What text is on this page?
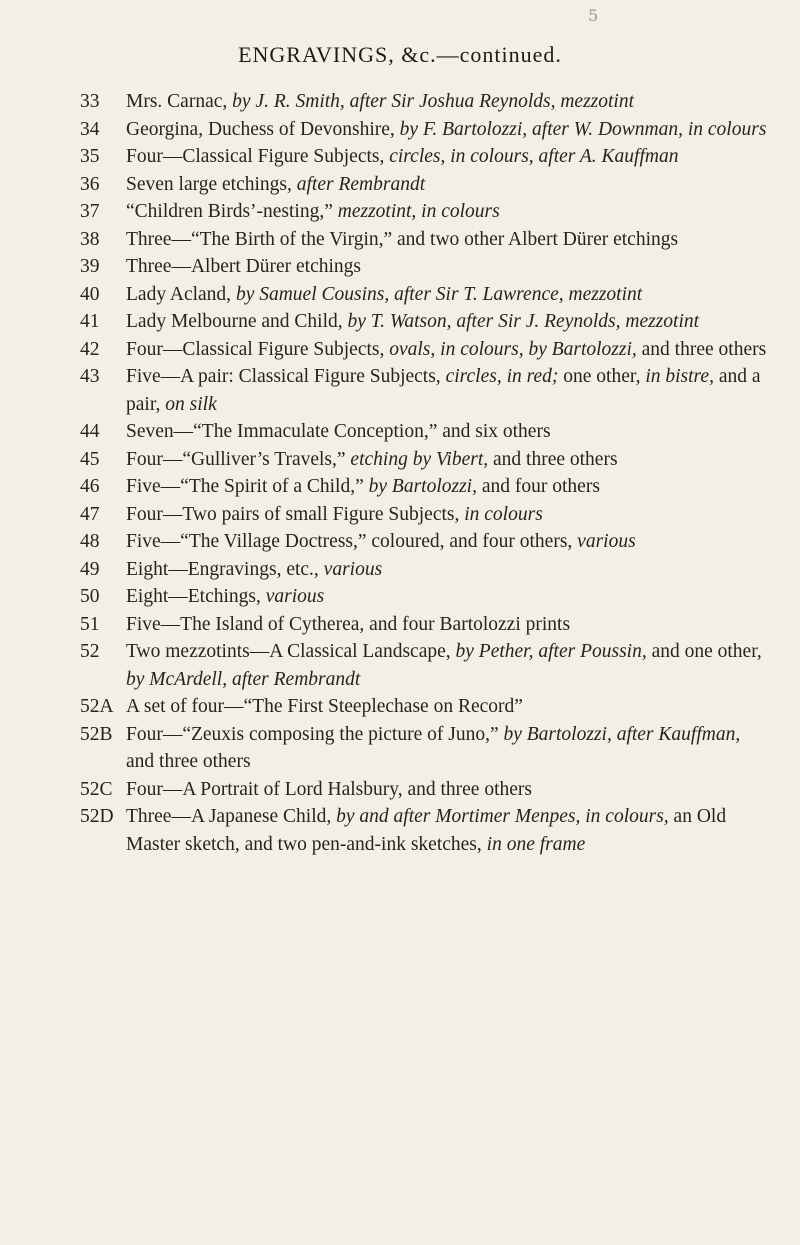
5
ENGRAVINGS, &c.—continued.
33	Mrs. Carnac, by J. R. Smith, after Sir Joshua Reynolds, mezzotint
34	Georgina, Duchess of Devonshire, by F. Bartolozzi, after W. Downman, in colours
35	Four—Classical Figure Subjects, circles, in colours, after A. Kauffman
36	Seven large etchings, after Rembrandt
37	“Children Birds’-nesting,” mezzotint, in colours
38	Three—“The Birth of the Virgin,” and two other Albert Dürer etchings
39	Three—Albert Dürer etchings
40	Lady Acland, by Samuel Cousins, after Sir T. Lawrence, mezzotint
41	Lady Melbourne and Child, by T. Watson, after Sir J. Reynolds, mezzotint
42	Four—Classical Figure Subjects, ovals, in colours, by Bartolozzi, and three others
43	Five—A pair: Classical Figure Subjects, circles, in red; one other, in bistre, and a pair, on silk
44	Seven—“The Immaculate Conception,” and six others
45	Four—“Gulliver’s Travels,” etching by Vibert, and three others
46	Five—“The Spirit of a Child,” by Bartolozzi, and four others
47	Four—Two pairs of small Figure Subjects, in colours
48	Five—“The Village Doctress,” coloured, and four others, various
49	Eight—Engravings, etc., various
50	Eight—Etchings, various
51	Five—The Island of Cytherea, and four Bartolozzi prints
52	Two mezzotints—A Classical Landscape, by Pether, after Poussin, and one other, by McArdell, after Rembrandt
52A A set of four—“The First Steeplechase on Record”
52B Four—“Zeuxis composing the picture of Juno,” by Bartolozzi, after Kauffman, and three others
52C Four—A Portrait of Lord Halsbury, and three others
52D Three—A Japanese Child, by and after Mortimer Menpes, in colours, an Old Master sketch, and two pen-and-ink sketches, in one frame
